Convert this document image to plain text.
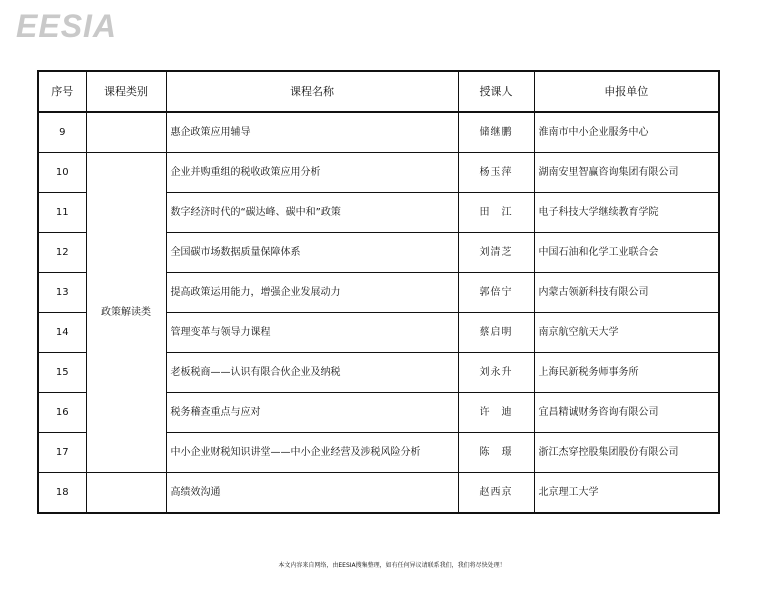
EESIA
序号	课程类别	课程名称	授课人	申报单位
9		惠企政策应用辅导	储继鹏	淮南市中小企业服务中心
10	政策解读类	企业并购重组的税收政策应用分析	杨玉萍	湖南安里智赢咨询集团有限公司
11		数字经济时代的“碳达峰、碳中和”政策	田　江	电子科技大学继续教育学院
12		全国碳市场数据质量保障体系	刘清芝	中国石油和化学工业联合会
13		提高政策运用能力，增强企业发展动力	郭倍宁	内蒙古领新科技有限公司
14		管理变革与领导力课程	蔡启明	南京航空航天大学
15		老板税商——认识有限合伙企业及纳税	刘永升	上海民新税务师事务所
16		税务稽查重点与应对	许　迪	宜昌精诚财务咨询有限公司
17		中小企业财税知识讲堂——中小企业经营及涉税风险分析	陈　璟	浙江杰穿控股集团股份有限公司
18		高绩效沟通	赵西京	北京理工大学
本文内容来自网络，由EESIA搜集整理，如有任何异议请联系我们，我们将尽快处理！
